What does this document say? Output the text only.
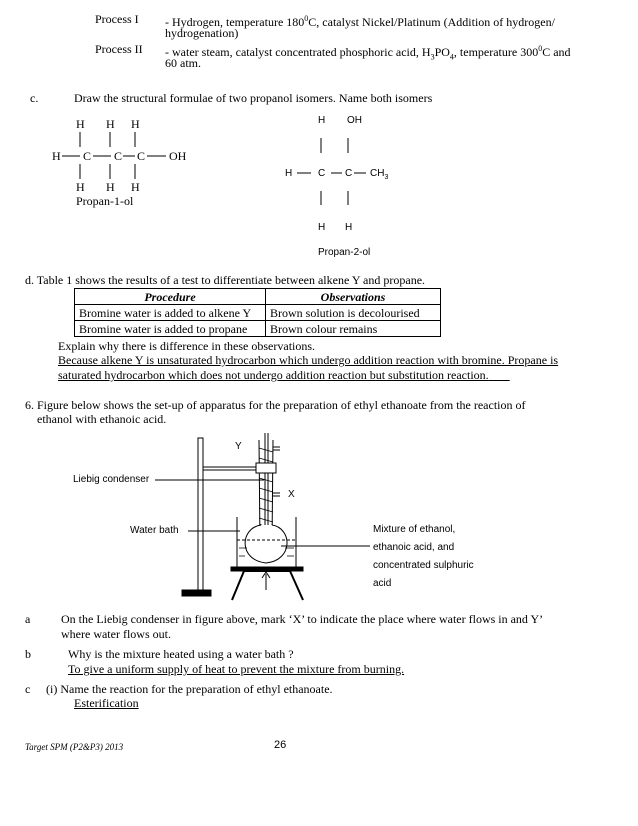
Process I - Hydrogen, temperature $180^0C$, catalyst Nickel/Platinum (Addition of hydrogen/
hydrogenation)
Process II - water steam, catalyst concentrated phosphoric acid, $H_3PO_4$, temperature $300^0C$ and
60 atm.
c.	Draw the structural formulae of two propanol isomers. Name both isomers
H H H
H C C C OH
H H H
Propan-1-ol
H OH
H	C C $CH_3$
H H
Propan-2-ol
d. Table 1 shows the results of a test to differentiate between alkene Y and propane.
Procedure	Observations
Bromine water is added to alkene Y	Brown solution is decolourised
Bromine water is added to propane	Brown colour remains
Explain why there is difference in these observations.
Because alkene Y is unsaturated hydrocarbon which undergo addition reaction with bromine. Propane is
saturated hydrocarbon which does not undergo addition reaction but substitution reaction.
6. Figure below shows the set-up of apparatus for the preparation of ethyl ethanoate from the reaction of
ethanol with ethanoic acid.
Y
X
Liebig condenser
Water bath	Mixture of ethanol,
ethanoic acid, and
concentrated sulphuric
acid
a	On the Liebig condenser in figure above, mark ‘X’ to indicate the place where water flows in and Y’
where water flows out.
b	Why is the mixture heated using a water bath ?
To give a uniform supply of heat to prevent the mixture from burning.
c (i) Name the reaction for the preparation of ethyl ethanoate.
Esterification
Target SPM (P2&P3) 2013	26
